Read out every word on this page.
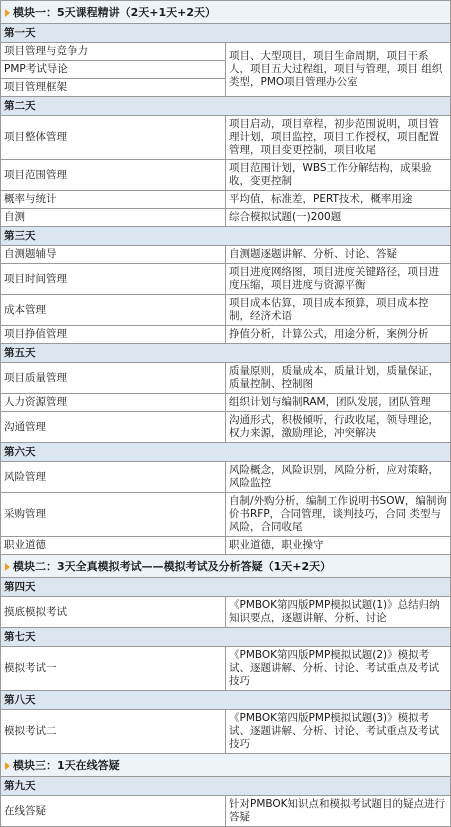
模块一：5天课程精讲（2天+1天+2天）	
第一天	
项目管理与竞争力	项目、大型项目，项目生命周期，项目干系人，项目五大过程组，项目与管理，项目 组织类型，PMO项目管理办公室
PMP考试导论	
项目管理框架	
第二天	
项目整体管理	项目启动，项目章程，初步范围说明，项目管理计划，项目监控，项目工作授权，项目配置管理，项目变更控制，项目收尾
项目范围管理	项目范围计划，WBS工作分解结构，成果验收，变更控制
概率与统计	平均值，标准差，PERT技术，概率用途
自测	综合模拟试题(一)200题
第三天	
自测题辅导	自测题逐题讲解、分析、讨论、答疑
项目时间管理	项目进度网络图，项目进度关键路径，项目进度压缩，项目进度与资源平衡
成本管理	项目成本估算，项目成本预算，项目成本控制，经济术语
项目挣值管理	挣值分析，计算公式，用途分析，案例分析
第五天	
项目质量管理	质量原则，质量成本，质量计划，质量保证，质量控制、控制图
人力资源管理	组织计划与编制RAM，团队发展，团队管理
沟通管理	沟通形式，积极倾听，行政收尾，领导理论，权力来源，激励理论，冲突解决
第六天	
风险管理	风险概念，风险识别，风险分析，应对策略，风险监控
采购管理	自制/外购分析，编制工作说明书SOW，编制询价书RFP，合同管理，谈判技巧，合同 类型与风险，合同收尾
职业道德	职业道德，职业操守
模块二：3天全真模拟考试——模拟考试及分析答疑（1天+2天）	
第四天	
摸底模拟考试	《PMBOK第四版PMP模拟试题(1)》总结归纳知识要点，逐题讲解、分析、讨论
第七天	
模拟考试一	《PMBOK第四版PMP模拟试题(2)》模拟考试、逐题讲解、分析、讨论、考试重点及考试技巧
第八天	
模拟考试二	《PMBOK第四版PMP模拟试题(3)》模拟考试、逐题讲解、分析、讨论、考试重点及考试技巧
模块三：1天在线答疑	
第九天	
在线答疑	针对PMBOK知识点和模拟考试题目的疑点进行答疑
